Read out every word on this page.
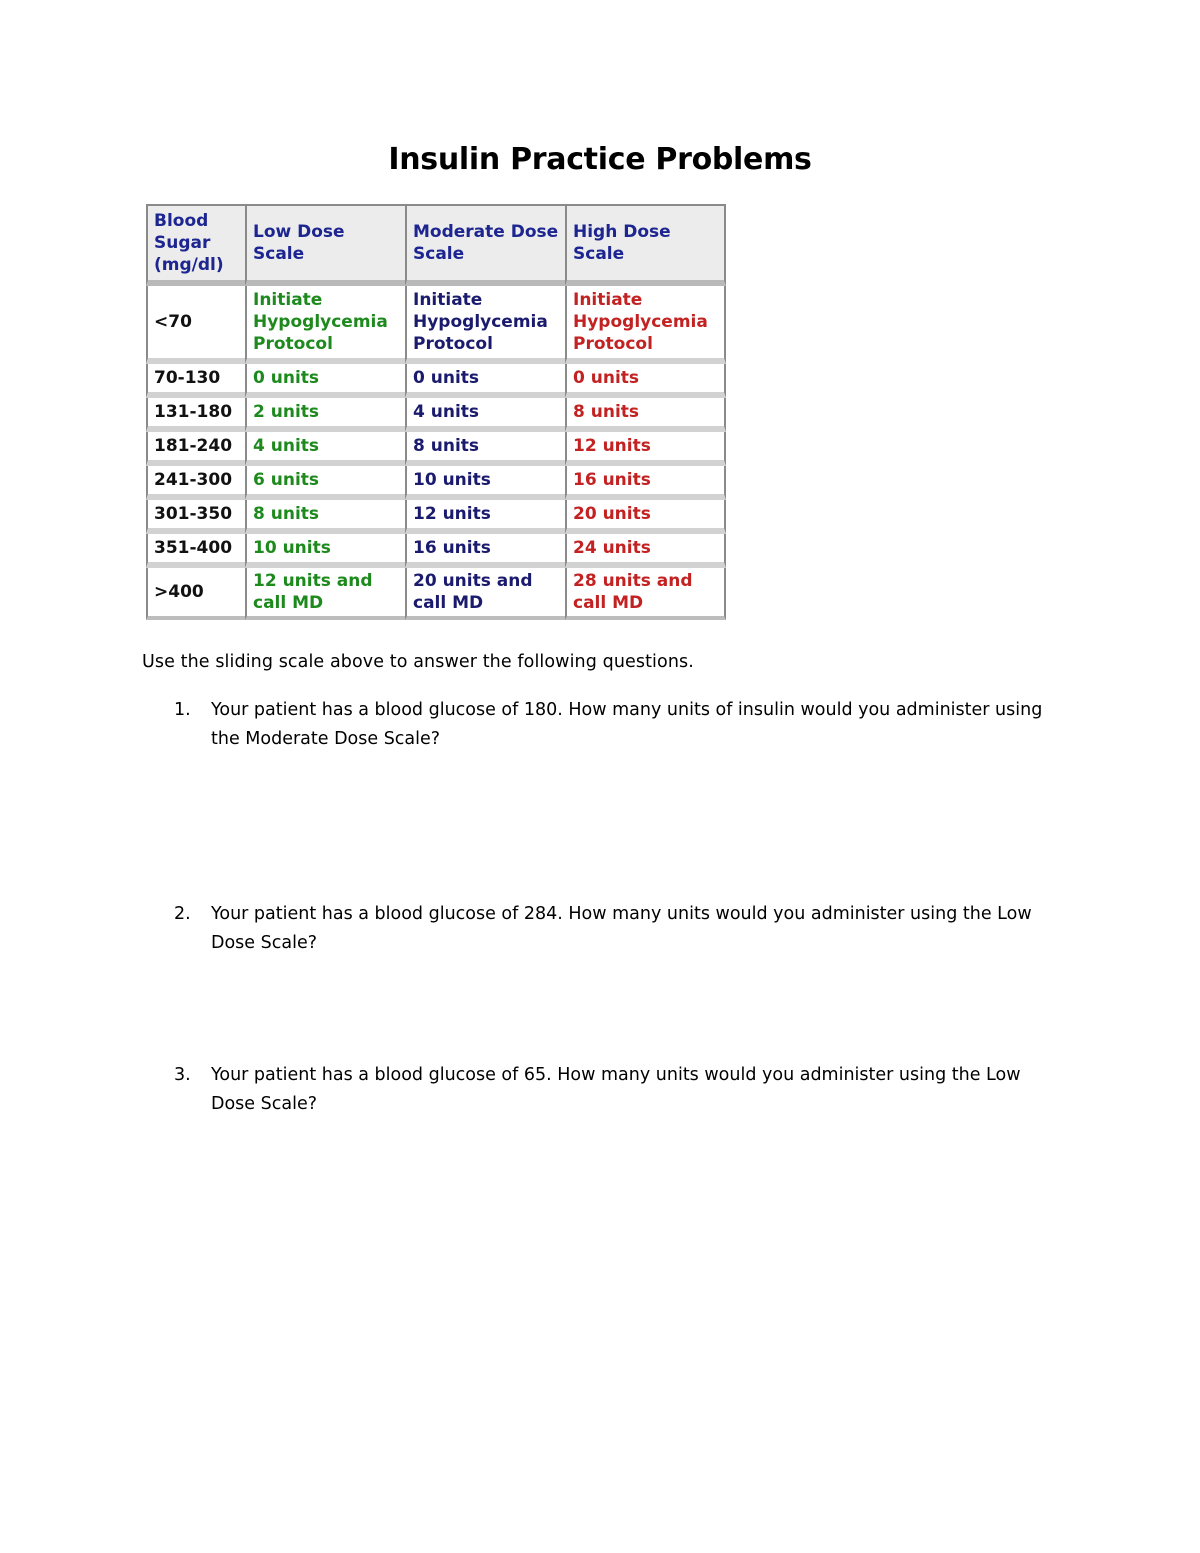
Insulin Practice Problems
Blood Sugar (mg/dl)	Low Dose Scale	Moderate Dose Scale	High Dose Scale
<70	Initiate Hypoglycemia Protocol	Initiate Hypoglycemia Protocol	Initiate Hypoglycemia Protocol
70-130	0 units	0 units	0 units
131-180	2 units	4 units	8 units
181-240	4 units	8 units	12 units
241-300	6 units	10 units	16 units
301-350	8 units	12 units	20 units
351-400	10 units	16 units	24 units
>400	12 units and call MD	20 units and call MD	28 units and call MD
Use the sliding scale above to answer the following questions.
1. Your patient has a blood glucose of 180. How many units of insulin would you administer using the Moderate Dose Scale?
2. Your patient has a blood glucose of 284. How many units would you administer using the Low Dose Scale?
3. Your patient has a blood glucose of 65. How many units would you administer using the Low Dose Scale?
